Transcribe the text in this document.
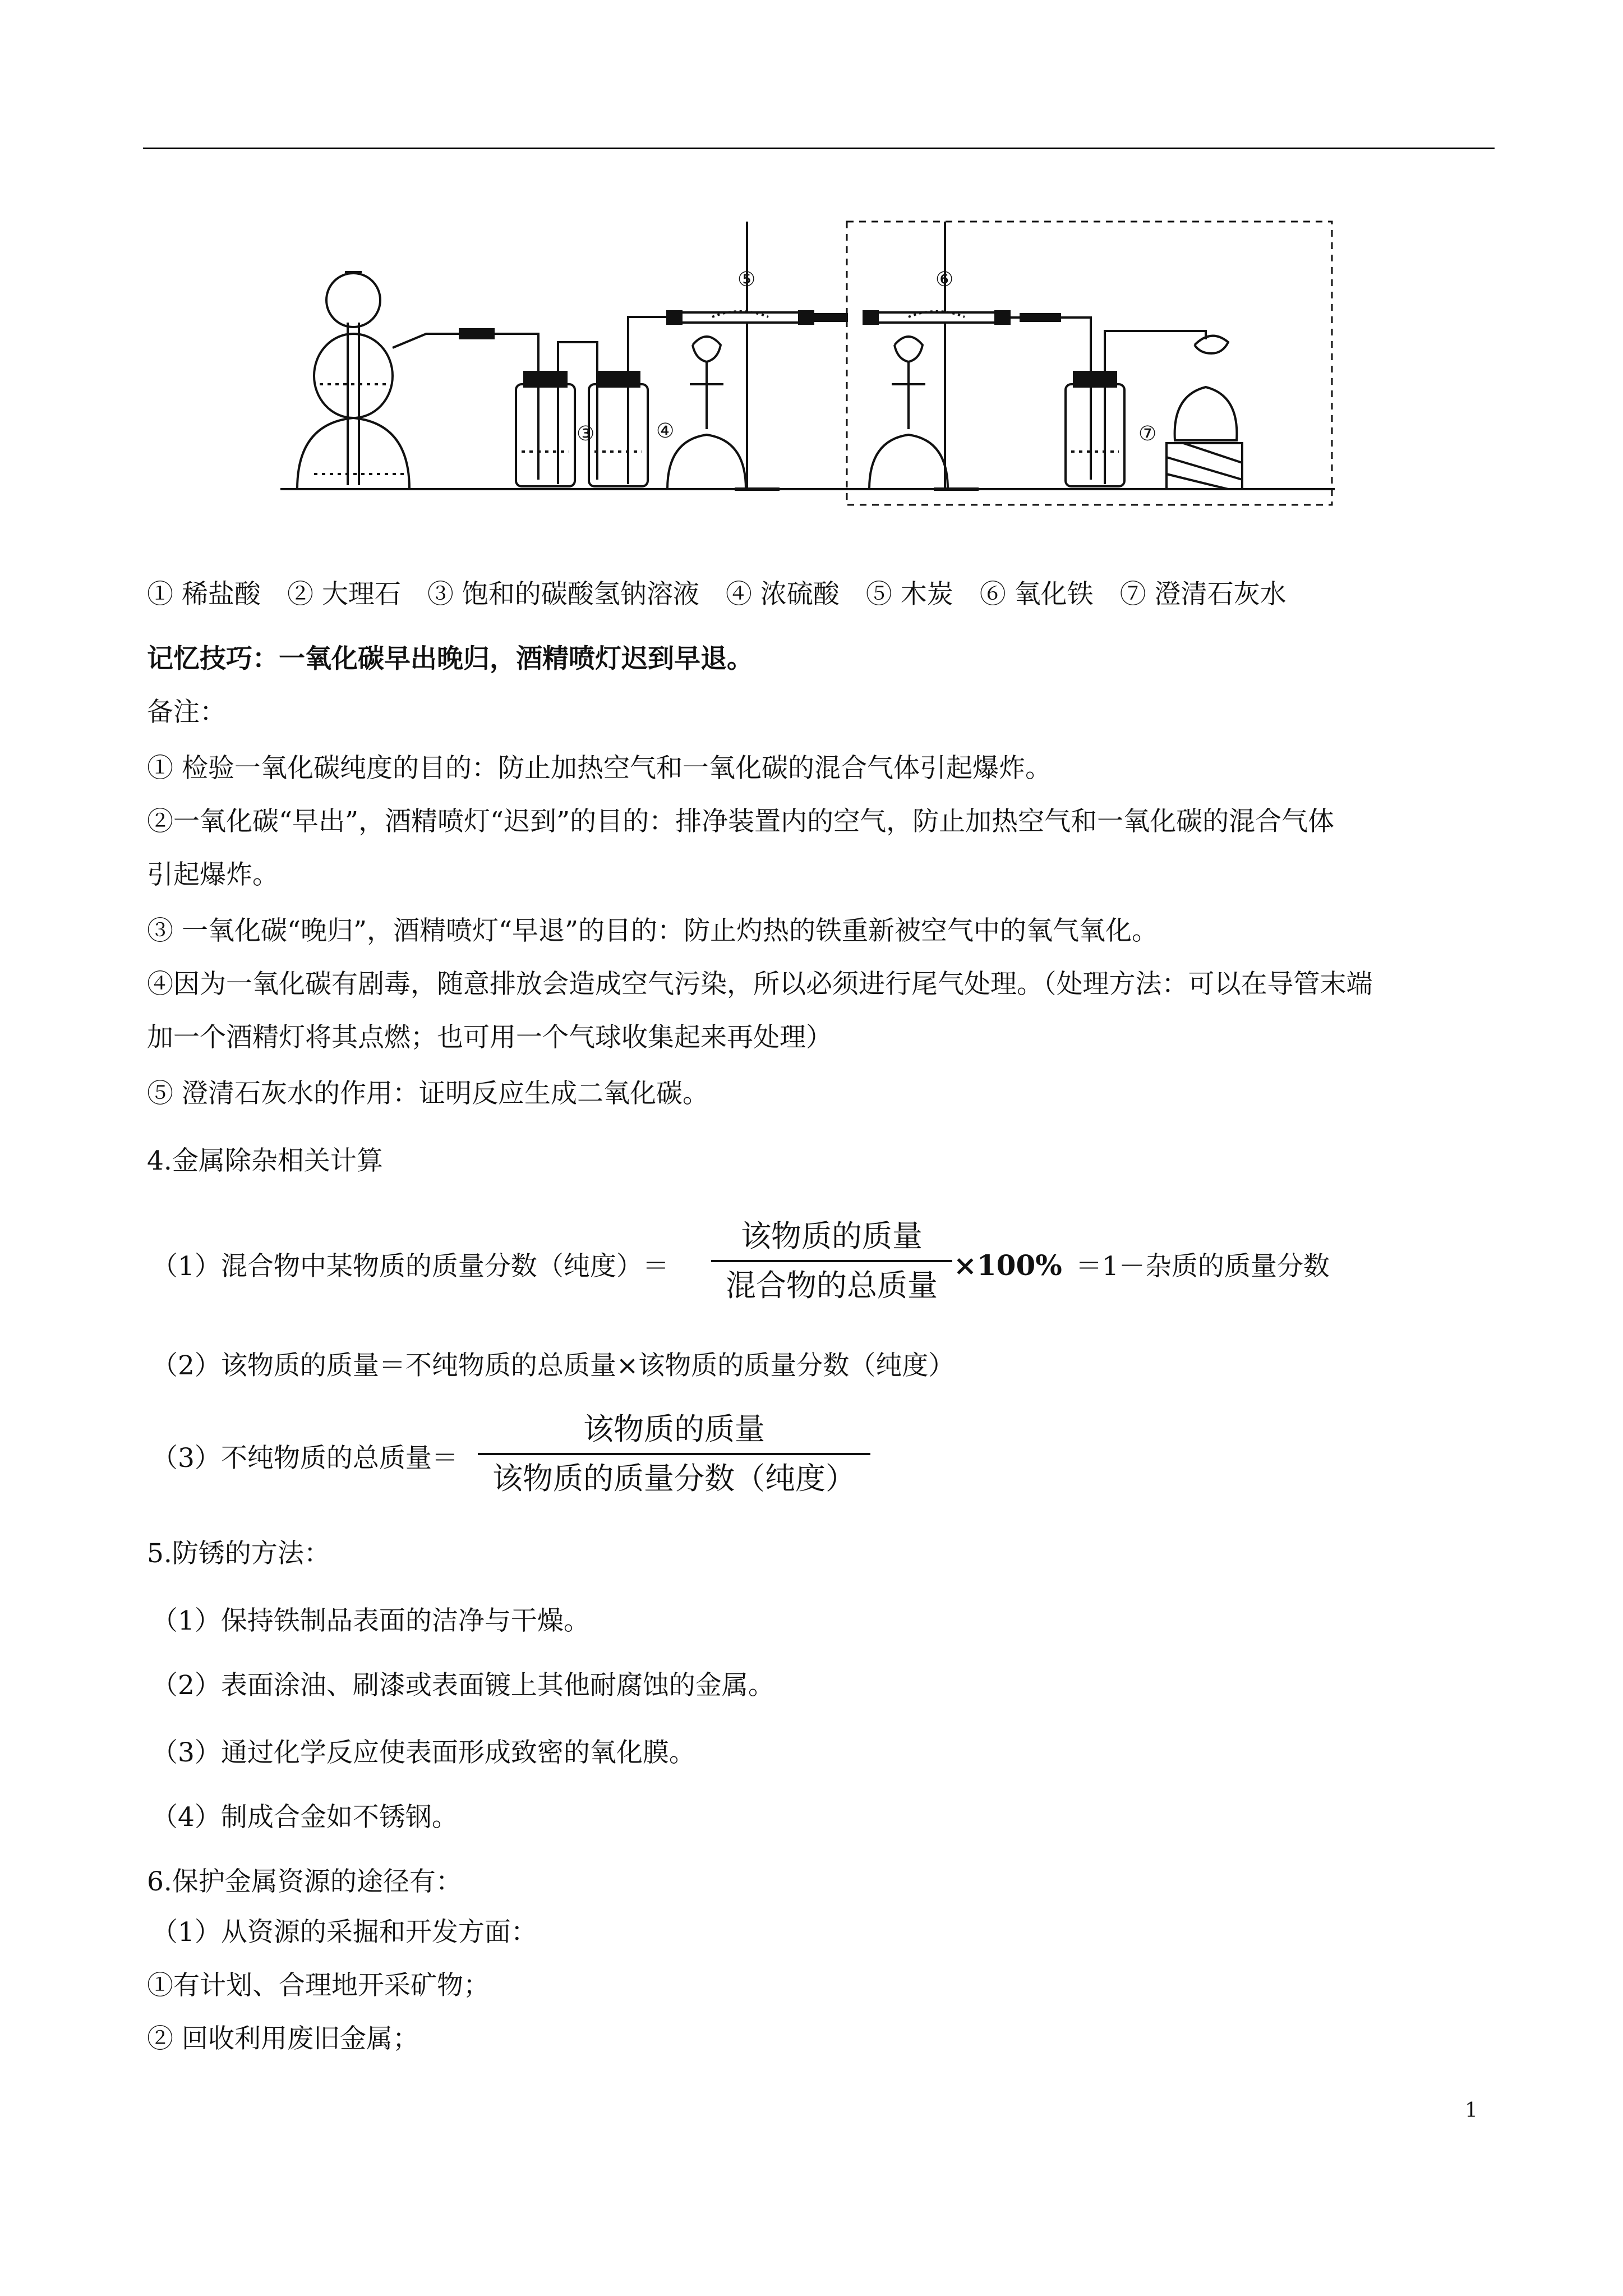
③	④
⑤	⑥
⑦
① 稀盐酸　② 大理石　③ 饱和的碳酸氢钠溶液　④ 浓硫酸　⑤ 木炭　⑥ 氧化铁　⑦ 澄清石灰水
记忆技巧：一氧化碳早出晚归，酒精喷灯迟到早退。
备注：
① 检验一氧化碳纯度的目的：防止加热空气和一氧化碳的混合气体引起爆炸。
②一氧化碳“早出”，酒精喷灯“迟到”的目的：排净装置内的空气，防止加热空气和一氧化碳的混合气体
引起爆炸。
③ 一氧化碳“晚归”，酒精喷灯“早退”的目的：防止灼热的铁重新被空气中的氧气氧化。
④因为一氧化碳有剧毒，随意排放会造成空气污染，所以必须进行尾气处理。（处理方法：可以在导管末端
加一个酒精灯将其点燃；也可用一个气球收集起来再处理）
⑤ 澄清石灰水的作用：证明反应生成二氧化碳。
4.金属除杂相关计算
（1）混合物中某物质的质量分数（纯度）＝
该物质的质量
混合物的总质量
×100% ＝1－杂质的质量分数
（2）该物质的质量＝不纯物质的总质量×该物质的质量分数（纯度）
（3）不纯物质的总质量＝
该物质的质量
该物质的质量分数（纯度）
5.防锈的方法：
（1）保持铁制品表面的洁净与干燥。
（2）表面涂油、刷漆或表面镀上其他耐腐蚀的金属。
（3）通过化学反应使表面形成致密的氧化膜。
（4）制成合金如不锈钢。
6.保护金属资源的途径有：
（1）从资源的采掘和开发方面：
①有计划、合理地开采矿物；
② 回收利用废旧金属；
1
